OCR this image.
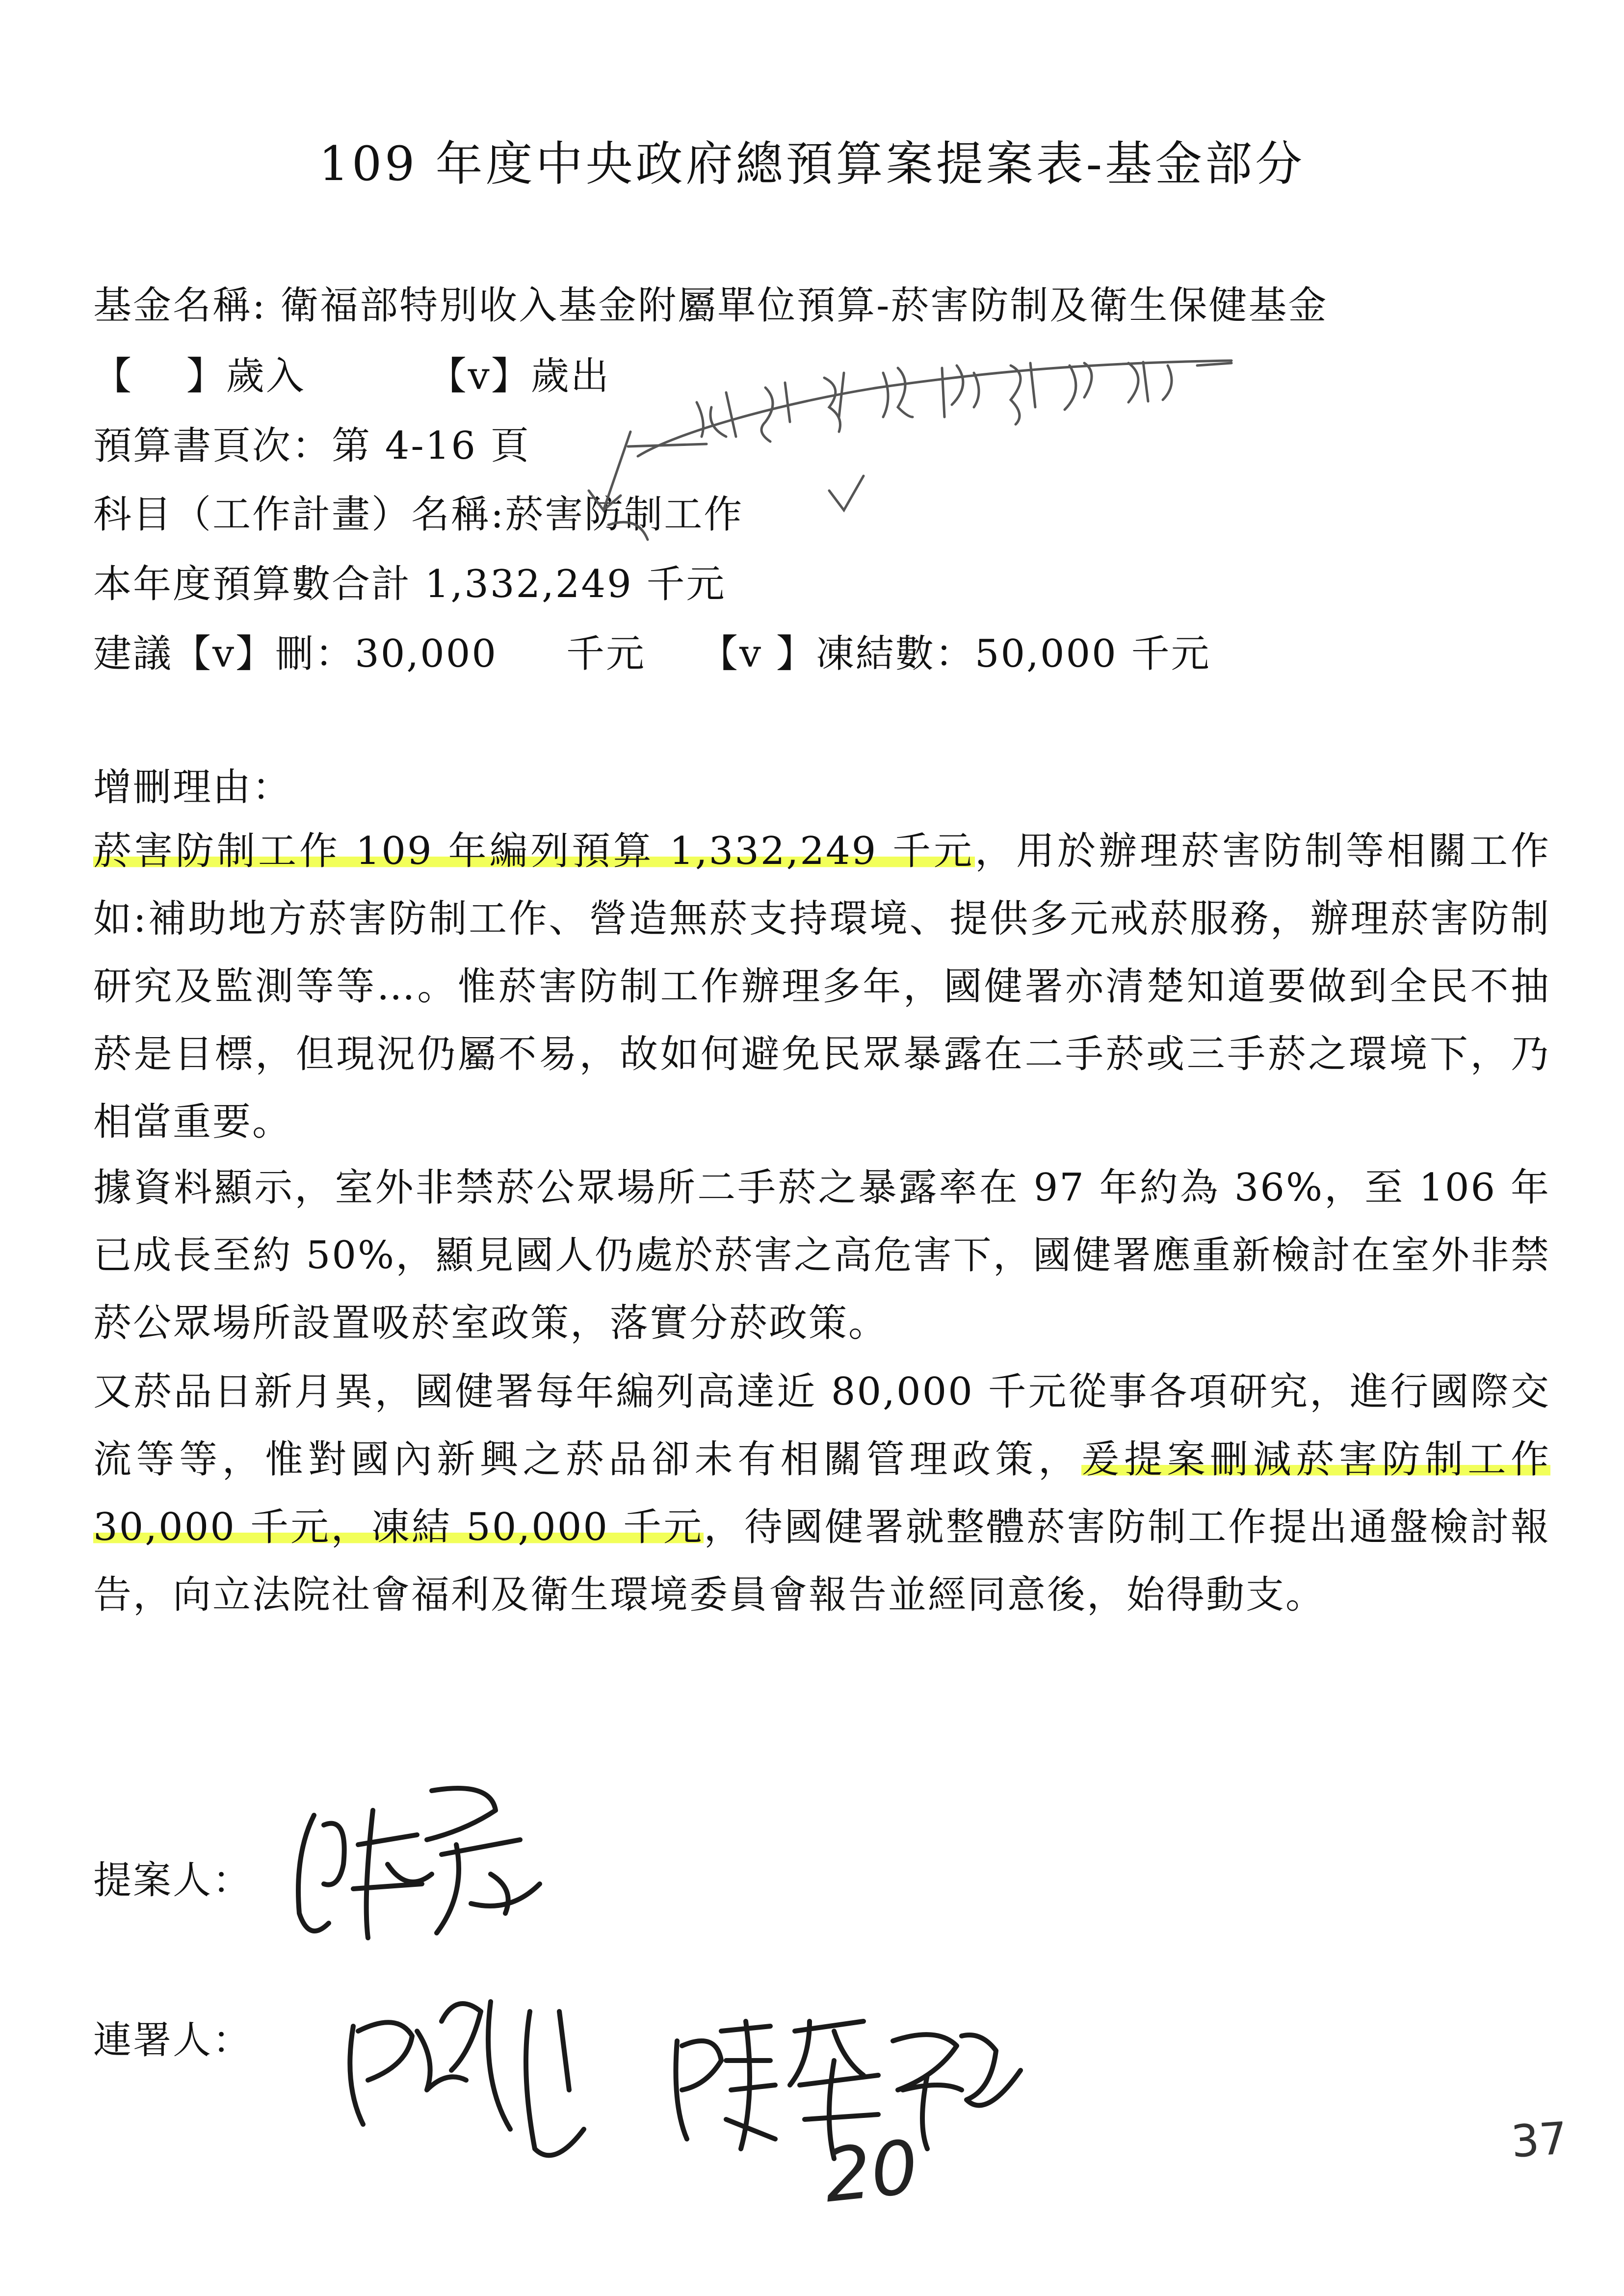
109 年度中央政府總預算案提案表-基金部分
基金名稱: 衛福部特別收入基金附屬單位預算-菸害防制及衛生保健基金
【　 】歲入	【v】歲出
預算書頁次：第 4-16 頁
科目（工作計畫）名稱:菸害防制工作
本年度預算數合計 1,332,249 千元
建議【v】刪：30,000 千元 【v 】凍結數：50,000 千元
增刪理由：
菸害防制工作 109 年編列預算 1,332,249 千元，用於辦理菸害防制等相關工作如:補助地方菸害防制工作、營造無菸支持環境、提供多元戒菸服務，辦理菸害防制研究及監測等等…。惟菸害防制工作辦理多年，國健署亦清楚知道要做到全民不抽菸是目標，但現況仍屬不易，故如何避免民眾暴露在二手菸或三手菸之環境下，乃相當重要。
據資料顯示，室外非禁菸公眾場所二手菸之暴露率在 97 年約為 36%，至 106 年已成長至約 50%，顯見國人仍處於菸害之高危害下，國健署應重新檢討在室外非禁菸公眾場所設置吸菸室政策，落實分菸政策。
又菸品日新月異，國健署每年編列高達近 80,000 千元從事各項研究，進行國際交流等等，惟對國內新興之菸品卻未有相關管理政策，爰提案刪減菸害防制工作 30,000 千元，凍結 50,000 千元，待國健署就整體菸害防制工作提出通盤檢討報告，向立法院社會福利及衛生環境委員會報告並經同意後，始得動支。
提案人：
連署人：
20	37
